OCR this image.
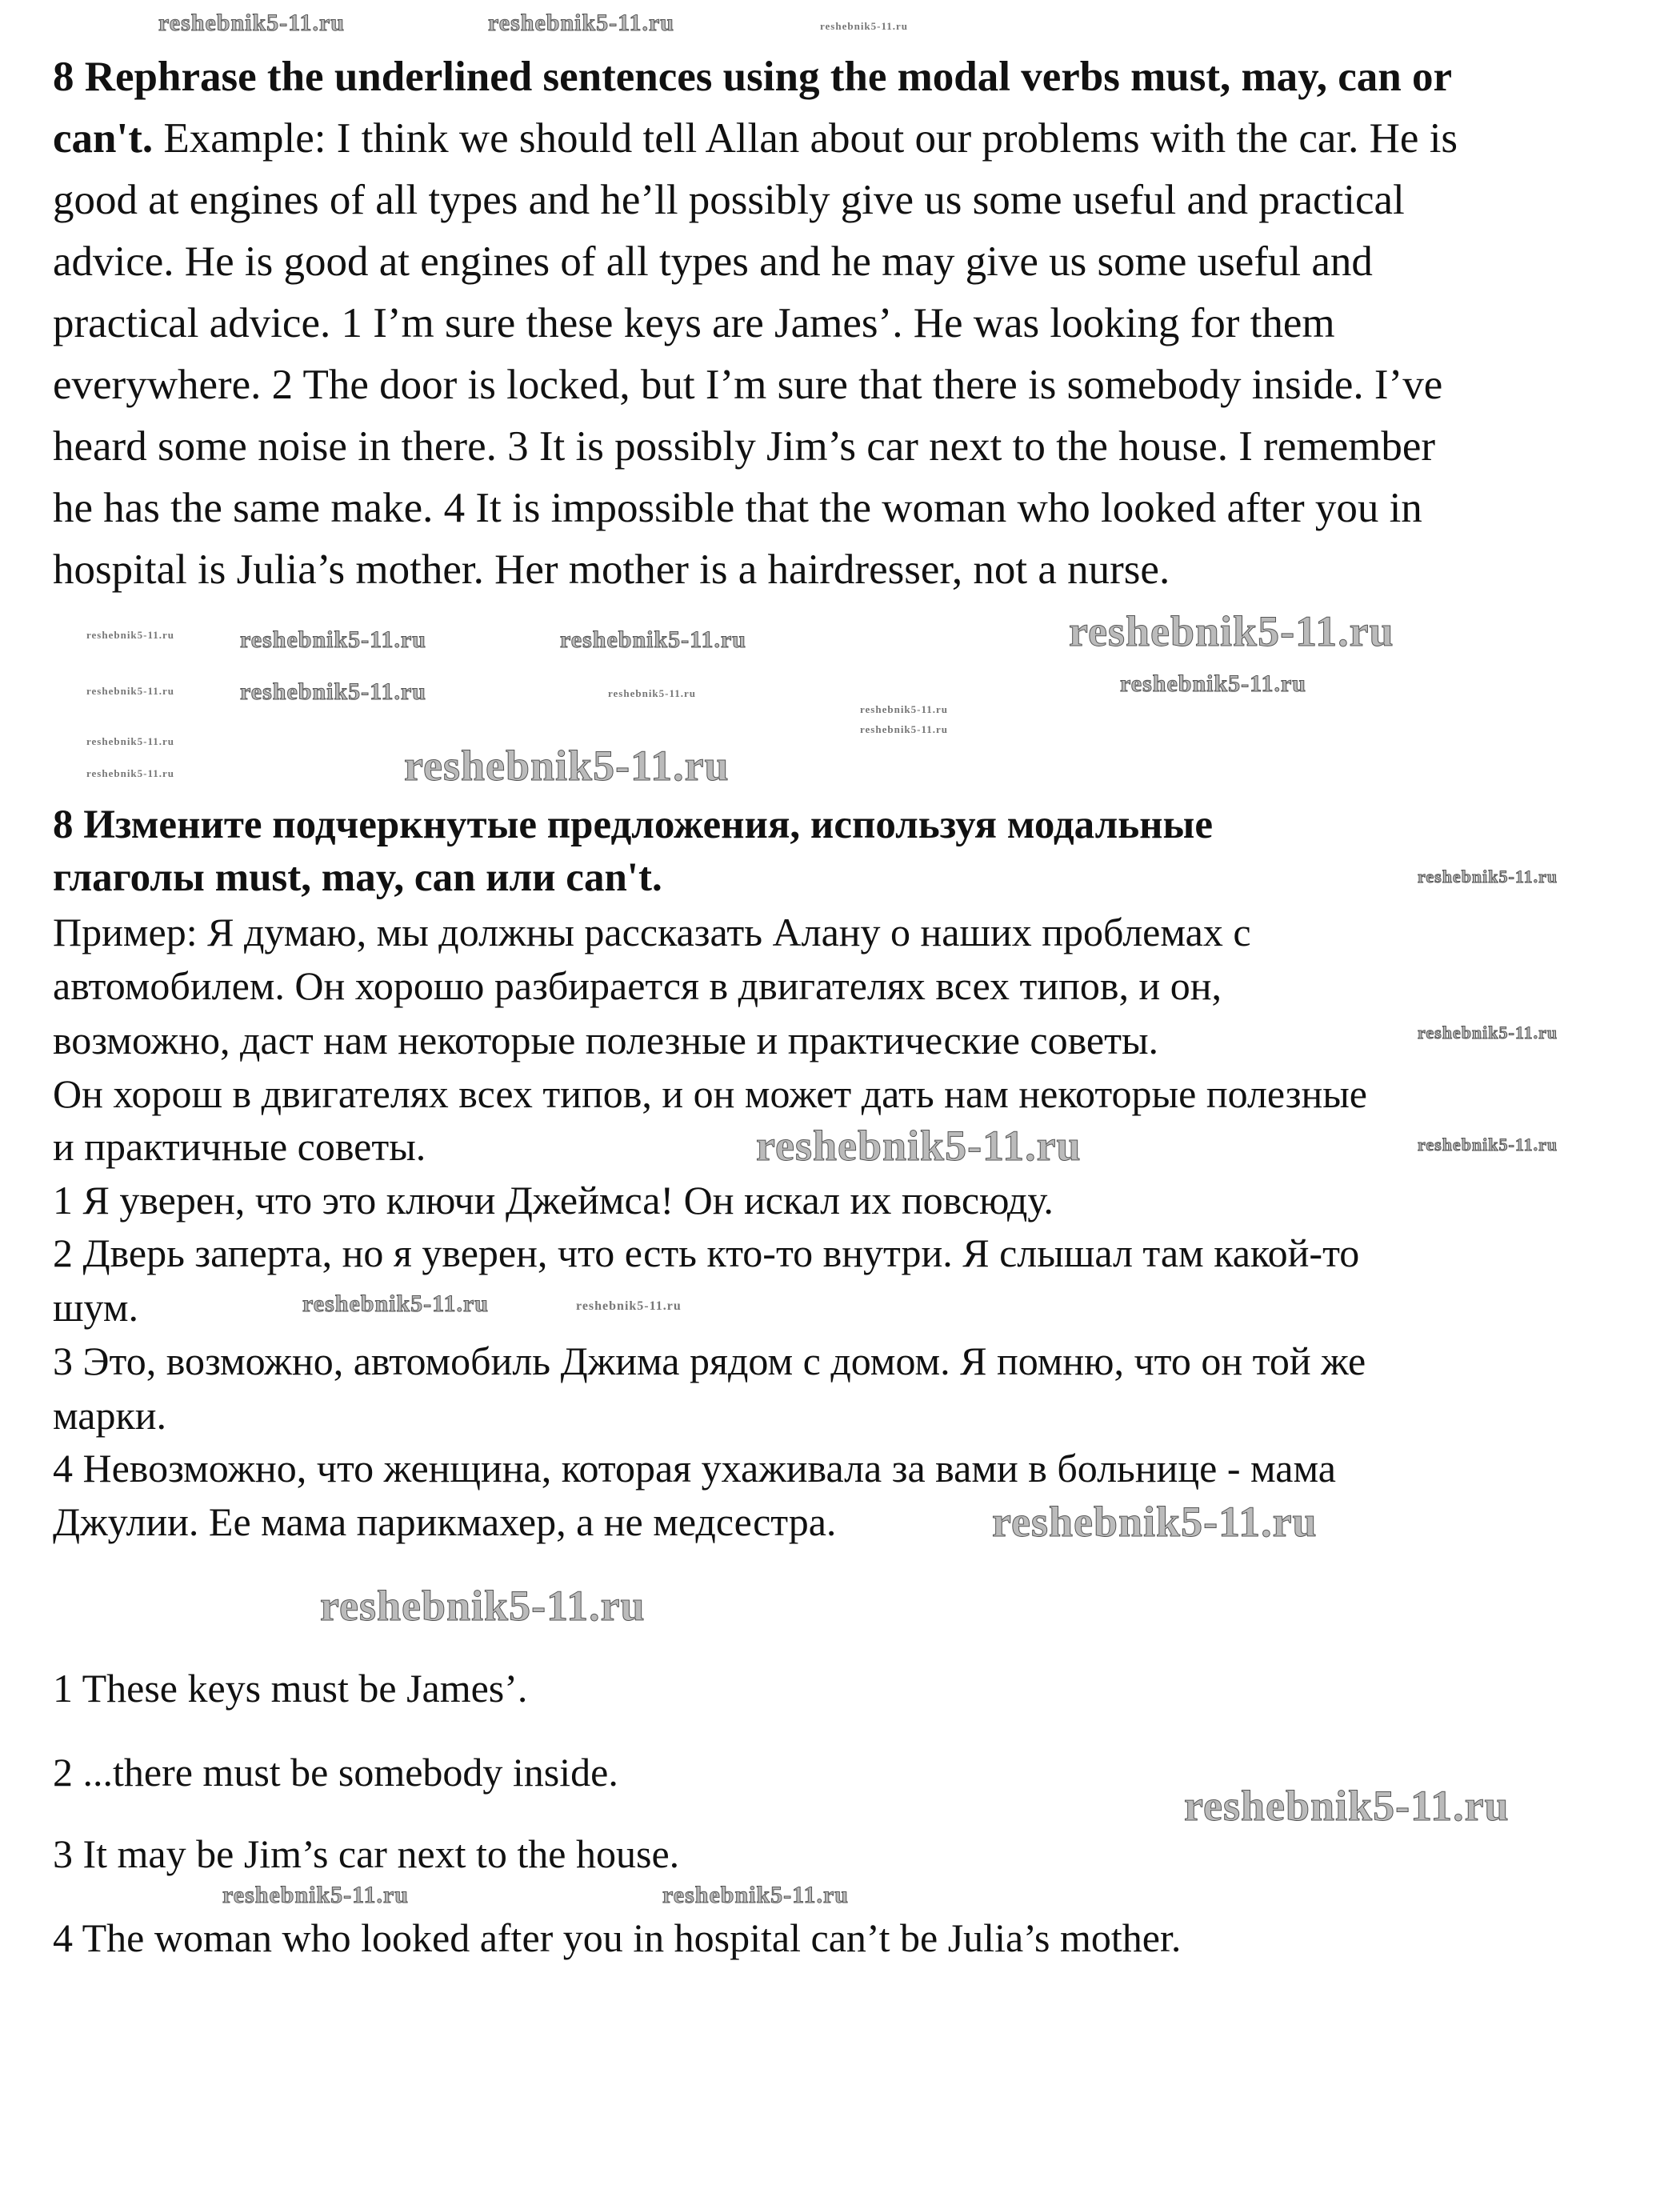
8 Rephrase the underlined sentences using the modal verbs must, may, can or
can't. Example: I think we should tell Allan about our problems with the car. He is
good at engines of all types and he’ll possibly give us some useful and practical
advice. He is good at engines of all types and he may give us some useful and
practical advice. 1 I’m sure these keys are James’. He was looking for them
everywhere. 2 The door is locked, but I’m sure that there is somebody inside. I’ve
heard some noise in there. 3 It is possibly Jim’s car next to the house. I remember
he has the same make. 4 It is impossible that the woman who looked after you in
hospital is Julia’s mother. Her mother is a hairdresser, not a nurse.
8 Измените подчеркнутые предложения, используя модальные
глаголы must, may, can или can't.
Пример: Я думаю, мы должны рассказать Алану о наших проблемах с
автомобилем. Он хорошо разбирается в двигателях всех типов, и он,
возможно, даст нам некоторые полезные и практические советы.
Он хорош в двигателях всех типов, и он может дать нам некоторые полезные
и практичные советы.
1 Я уверен, что это ключи Джеймса! Он искал их повсюду.
2 Дверь заперта, но я уверен, что есть кто-то внутри. Я слышал там какой-то
шум.
3 Это, возможно, автомобиль Джима рядом с домом. Я помню, что он той же
марки.
4 Невозможно, что женщина, которая ухаживала за вами в больнице - мама
Джулии. Ее мама парикмахер, а не медсестра.
1 These keys must be James’.
2 ...there must be somebody inside.
3 It may be Jim’s car next to the house.
4 The woman who looked after you in hospital can’t be Julia’s mother.
reshebnik5-11.ru	reshebnik5-11.ru	reshebnik5-11.ru
reshebnik5-11.ru
reshebnik5-11.ru	reshebnik5-11.ru
reshebnik5-11.ru
reshebnik5-11.ru
reshebnik5-11.ru
reshebnik5-11.ru	reshebnik5-11.ru
reshebnik5-11.ru
reshebnik5-11.ru
reshebnik5-11.ru
reshebnik5-11.ru
reshebnik5-11.ru
reshebnik5-11.ru
reshebnik5-11.ru
reshebnik5-11.ru	reshebnik5-11.ru
reshebnik5-11.ru	reshebnik5-11.ru
reshebnik5-11.ru
reshebnik5-11.ru
reshebnik5-11.ru
reshebnik5-11.ru	reshebnik5-11.ru
